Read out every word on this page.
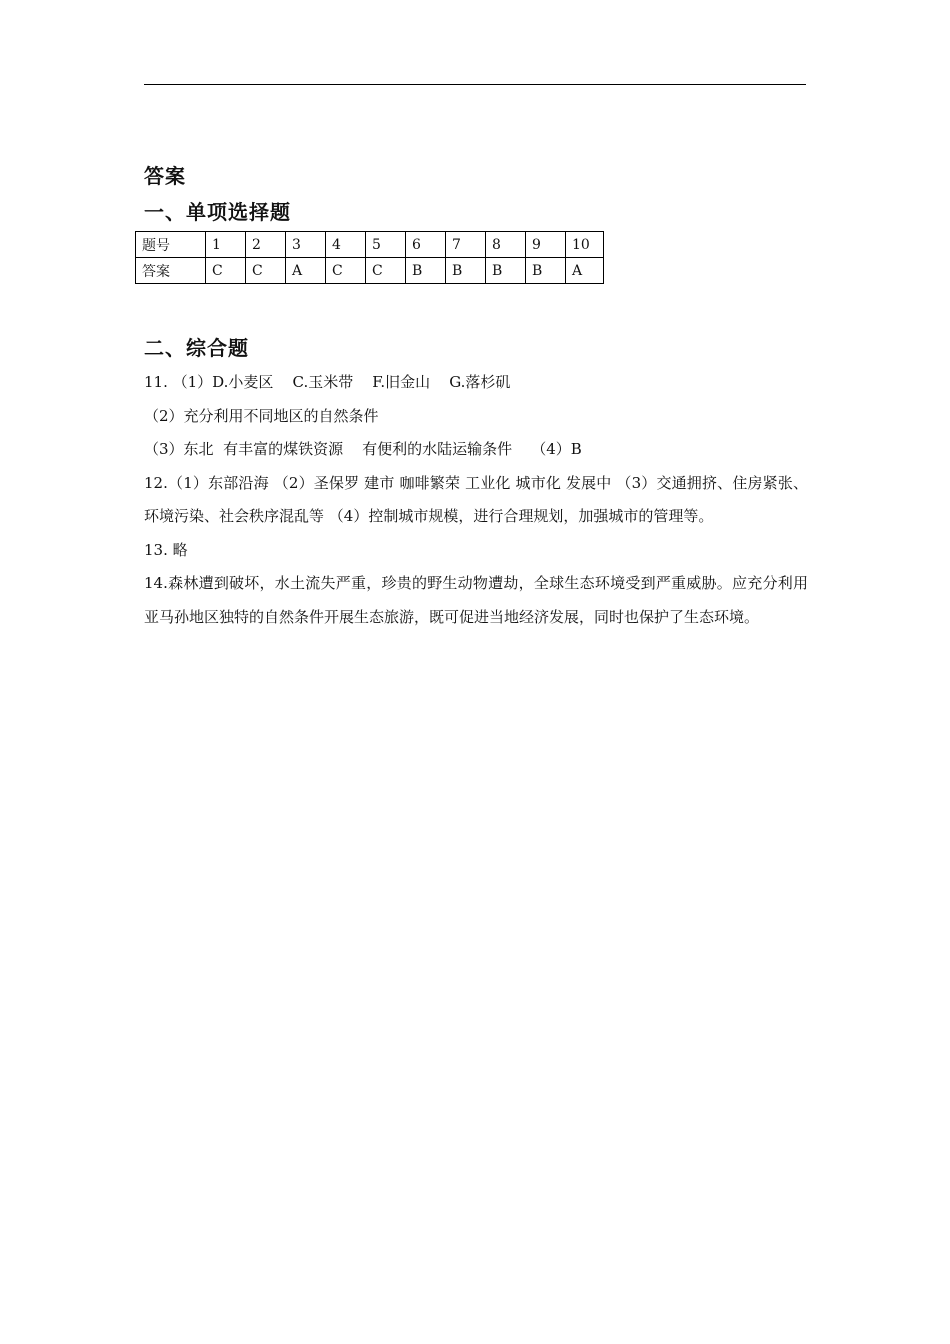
答案
一、单项选择题
题号	1	2	3	4	5	6	7	8	9	10
答案	C	C	A	C	C	B	B	B	B	A
二、综合题
11. （1）D.小麦区    C.玉米带    F.旧金山    G.落杉矶
（2）充分利用不同地区的自然条件
（3）东北  有丰富的煤铁资源    有便利的水陆运输条件    （4）B
12.（1）东部沿海 （2）圣保罗 建市 咖啡繁荣 工业化 城市化 发展中 （3）交通拥挤、住房紧张、环境污染、社会秩序混乱等 （4）控制城市规模，进行合理规划，加强城市的管理等。
13. 略
14.森林遭到破坏，水土流失严重，珍贵的野生动物遭劫，全球生态环境受到严重威胁。应充分利用亚马孙地区独特的自然条件开展生态旅游，既可促进当地经济发展，同时也保护了生态环境。
